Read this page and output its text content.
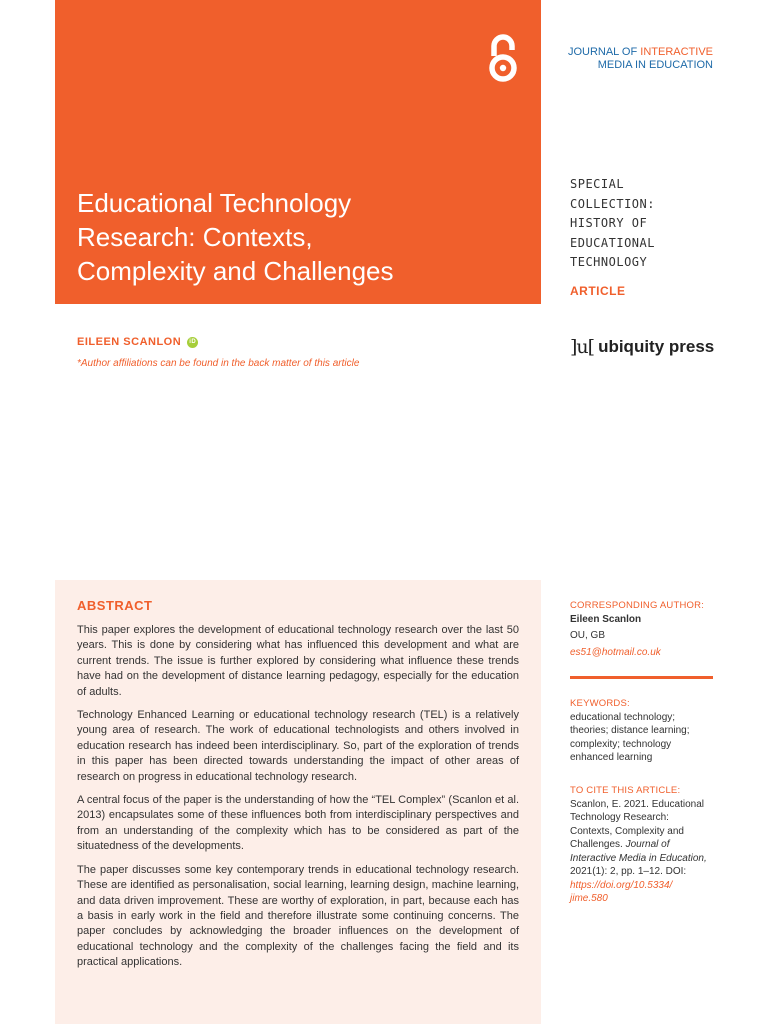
Educational Technology
Research: Contexts,
Complexity and Challenges
JOURNAL OF INTERACTIVE
MEDIA IN EDUCATION

SPECIAL
COLLECTION:
HISTORY OF
EDUCATIONAL
TECHNOLOGY

ARTICLE
EILEEN SCANLON	iD
*Author affiliations can be found in the back matter of this article
]u[ ubiquity press
ABSTRACT

This paper explores the development of educational technology research over the last 50 years. This is done by considering what has influenced this development and what are current trends. The issue is further explored by considering what influence these trends have had on the development of distance learning pedagogy, especially for the education of adults.

Technology Enhanced Learning or educational technology research (TEL) is a relatively young area of research. The work of educational technologists and others involved in education research has indeed been interdisciplinary. So, part of the exploration of trends in this paper has been directed towards understanding the impact of other areas of research on progress in educational technology research.

A central focus of the paper is the understanding of how the “TEL Complex” (Scanlon et al. 2013) encapsulates some of these influences both from interdisciplinary perspectives and from an understanding of the complexity which has to be considered as part of the situatedness of the developments.

The paper discusses some key contemporary trends in educational technology research. These are identified as personalisation, social learning, learning design, machine learning, and data driven improvement. These are worthy of exploration, in part, because each has a basis in early work in the field and therefore illustrate some continuing concerns. The paper concludes by acknowledging the broader influences on the development of educational technology and the complexity of the challenges facing the field and its practical applications.

CORRESPONDING AUTHOR:
Eileen Scanlon
OU, GB
es51@hotmail.co.uk
KEYWORDS:
educational technology;
theories; distance learning;
complexity; technology
enhanced learning
TO CITE THIS ARTICLE:
Scanlon, E. 2021. Educational
Technology Research:
Contexts, Complexity and
Challenges. Journal of
Interactive Media in Education,
2021(1): 2, pp. 1–12. DOI:
https://doi.org/10.5334/
jime.580
